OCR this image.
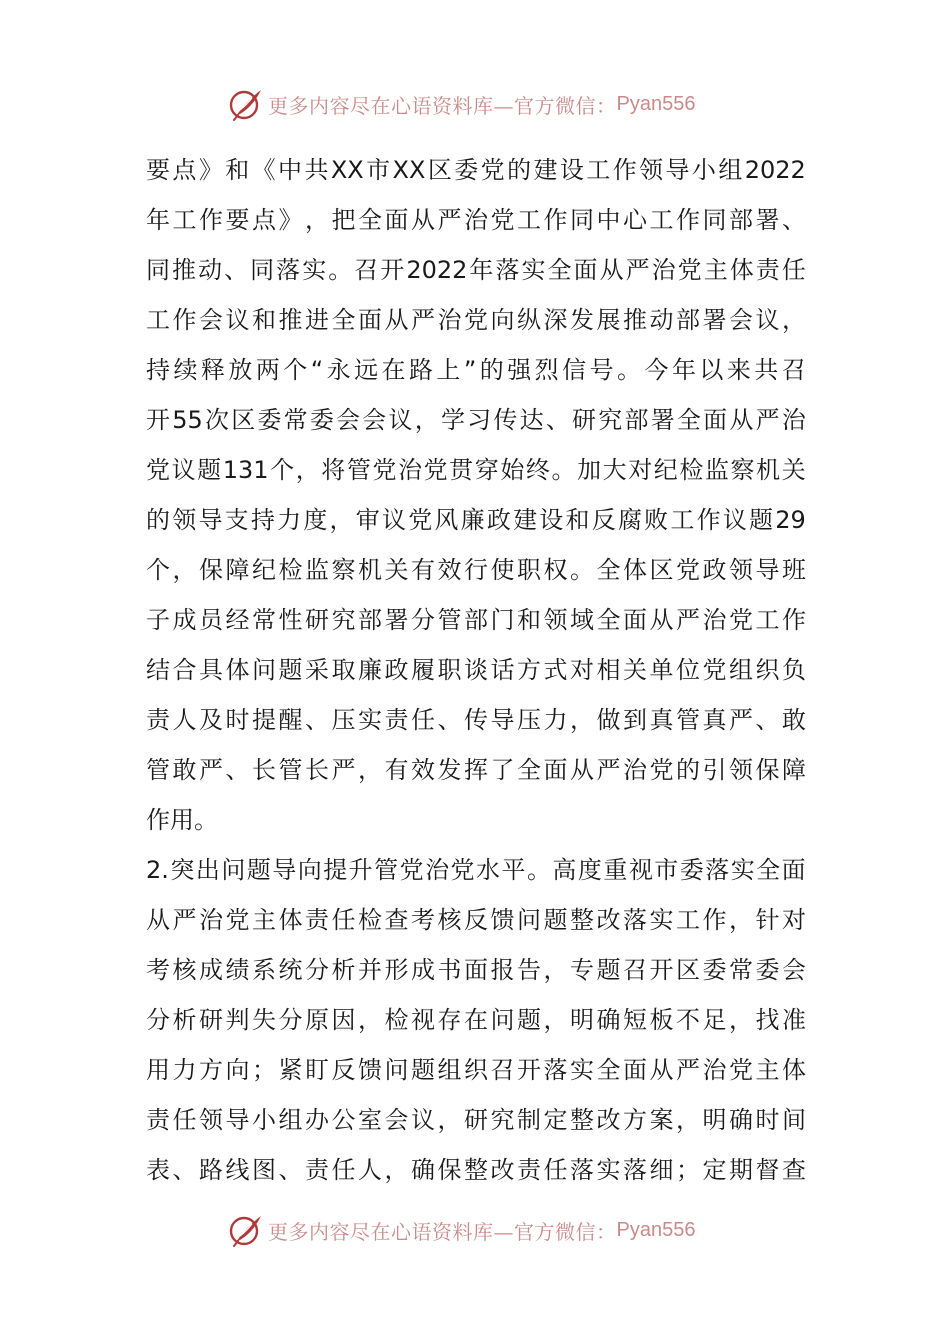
更多内容尽在心语资料库—官方微信： Pyan556
要 点 》 和 《 中 共 XX 市 XX 区 委 党 的 建 设 工 作 领 导 小 组 2022
年 工 作 要 点 》 ， 把 全 面 从 严 治 党 工 作 同 中 心 工 作 同 部 署 、
同 推 动 、 同 落 实 。 召 开 2022 年 落 实 全 面 从 严 治 党 主 体 责 任
工 作 会 议 和 推 进 全 面 从 严 治 党 向 纵 深 发 展 推 动 部 署 会 议 ，
持 续 释 放 两 个 “ 永 远 在 路 上 ” 的 强 烈 信 号 。 今 年 以 来 共 召
开 55 次 区 委 常 委 会 会 议 ， 学 习 传 达 、 研 究 部 署 全 面 从 严 治
党 议 题 131 个 ， 将 管 党 治 党 贯 穿 始 终 。 加 大 对 纪 检 监 察 机 关
的 领 导 支 持 力 度 ， 审 议 党 风 廉 政 建 设 和 反 腐 败 工 作 议 题 29
个 ， 保 障 纪 检 监 察 机 关 有 效 行 使 职 权 。 全 体 区 党 政 领 导 班
子 成 员 经 常 性 研 究 部 署 分 管 部 门 和 领 域 全 面 从 严 治 党 工 作
结 合 具 体 问 题 采 取 廉 政 履 职 谈 话 方 式 对 相 关 单 位 党 组 织 负
责 人 及 时 提 醒 、 压 实 责 任 、 传 导 压 力 ， 做 到 真 管 真 严 、 敢
管 敢 严 、 长 管 长 严 ， 有 效 发 挥 了 全 面 从 严 治 党 的 引 领 保 障
作用。
2. 突 出 问 题 导 向 提 升 管 党 治 党 水 平 。 高 度 重 视 市 委 落 实 全 面
从 严 治 党 主 体 责 任 检 查 考 核 反 馈 问 题 整 改 落 实 工 作 ， 针 对
考 核 成 绩 系 统 分 析 并 形 成 书 面 报 告 ， 专 题 召 开 区 委 常 委 会
分 析 研 判 失 分 原 因 ， 检 视 存 在 问 题 ， 明 确 短 板 不 足 ， 找 准
用 力 方 向 ； 紧 盯 反 馈 问 题 组 织 召 开 落 实 全 面 从 严 治 党 主 体
责 任 领 导 小 组 办 公 室 会 议 ， 研 究 制 定 整 改 方 案 ， 明 确 时 间
表 、 路 线 图 、 责 任 人 ， 确 保 整 改 责 任 落 实 落 细 ； 定 期 督 查
更多内容尽在心语资料库—官方微信： Pyan556
